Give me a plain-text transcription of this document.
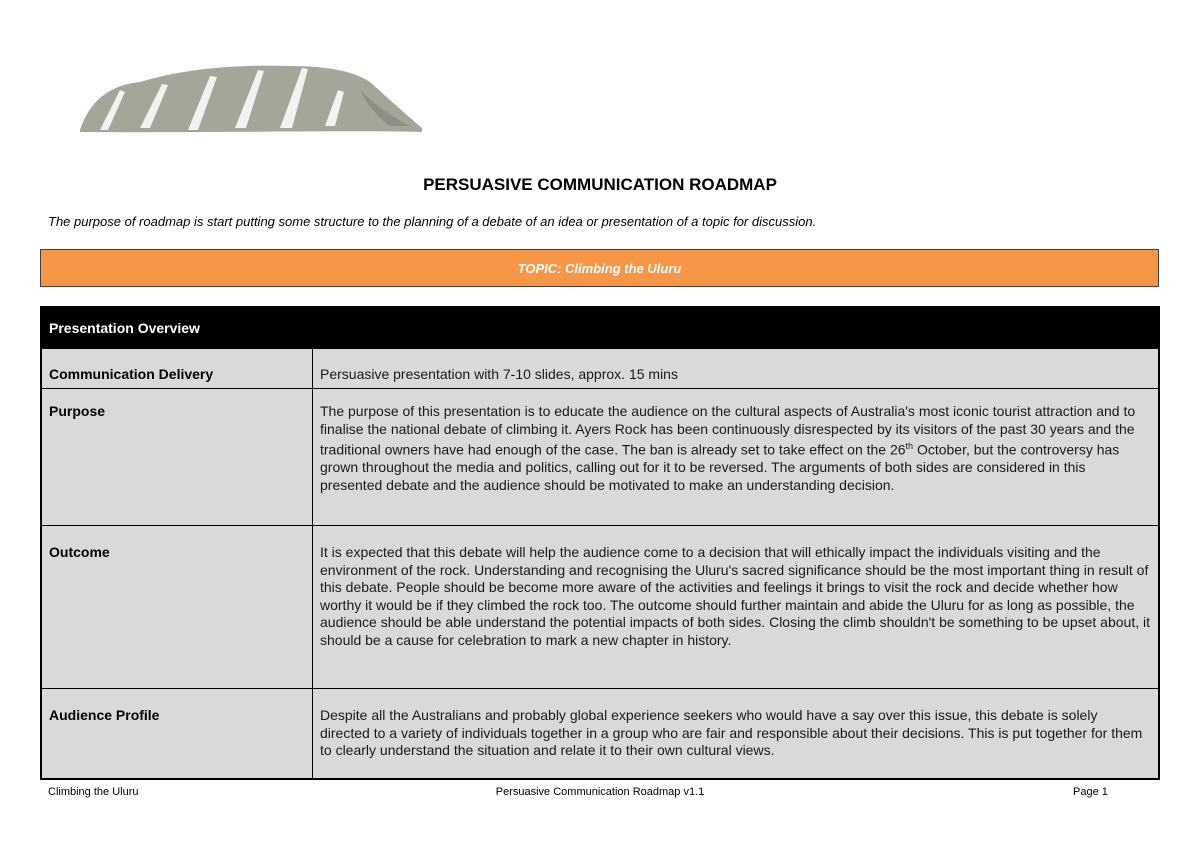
PERSUASIVE COMMUNICATION ROADMAP
The purpose of roadmap is start putting some structure to the planning of a debate of an idea or presentation of a topic for discussion.
TOPIC: Climbing the Uluru
Presentation Overview
Communication Delivery	Persuasive presentation with 7-10 slides, approx. 15 mins
Purpose	The purpose of this presentation is to educate the audience on the cultural aspects of Australia's most iconic tourist attraction and to finalise the national debate of climbing it. Ayers Rock has been continuously disrespected by its visitors of the past 30 years and the traditional owners have had enough of the case. The ban is already set to take effect on the 26th October, but the controversy has grown throughout the media and politics, calling out for it to be reversed. The arguments of both sides are considered in this presented debate and the audience should be motivated to make an understanding decision.
Outcome	It is expected that this debate will help the audience come to a decision that will ethically impact the individuals visiting and the environment of the rock. Understanding and recognising the Uluru's sacred significance should be the most important thing in result of this debate. People should be become more aware of the activities and feelings it brings to visit the rock and decide whether how worthy it would be if they climbed the rock too. The outcome should further maintain and abide the Uluru for as long as possible, the audience should be able understand the potential impacts of both sides. Closing the climb shouldn't be something to be upset about, it should be a cause for celebration to mark a new chapter in history.
Audience Profile	Despite all the Australians and probably global experience seekers who would have a say over this issue, this debate is solely directed to a variety of individuals together in a group who are fair and responsible about their decisions. This is put together for them to clearly understand the situation and relate it to their own cultural views.
Climbing the Uluru	Persuasive Communication Roadmap v1.1	Page 1
